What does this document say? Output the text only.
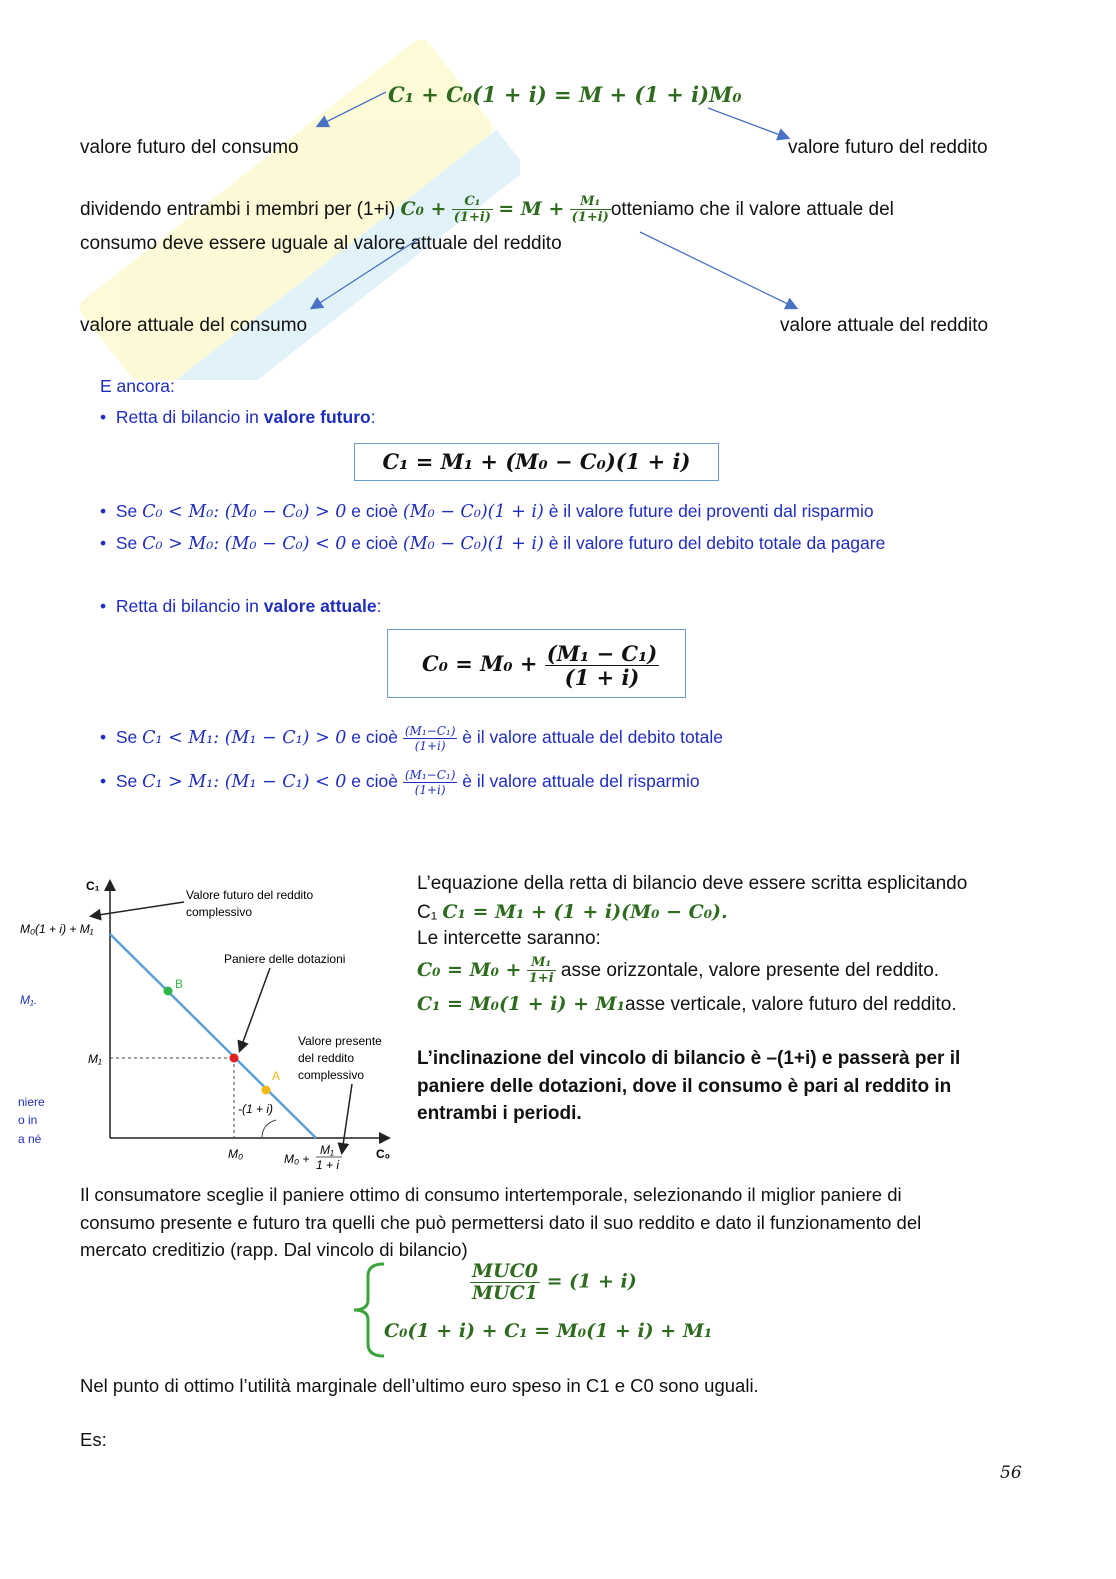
C₁ + C₀(1 + i) = M + (1 + i)M₀
valore futuro del consumo	valore futuro del reddito
dividendo entrambi i membri per (1+i) $C_0 + \frac{\text{C₁}}{(1+i)} = M + \frac{\text{M₁}}{(1+i)}$ otteniamo che il valore attuale del
consumo deve essere uguale al valore attuale del reddito
valore attuale del consumo	valore attuale del reddito
E ancora:
•  Retta di bilancio in valore futuro:
C₁ = M₁ + (M₀ − C₀)(1 + i)
•  Se C₀ < M₀: (M₀ − C₀) > 0 e cioè (M₀ − C₀)(1 + i) è il valore future dei proventi dal risparmio
•  Se C₀ > M₀: (M₀ − C₀) < 0 e cioè (M₀ − C₀)(1 + i) è il valore futuro del debito totale da pagare
•  Retta di bilancio in valore attuale:
$C_0 = M_0 + \frac{\text{(M₁ − C₁)}}{(1 + i)}$
•  Se C₁ < M₁: (M₁ − C₁) > 0 e cioè $\frac{\text{(M₁−C₁)}}{(1+i)}$ è il valore attuale del debito totale
•  Se C₁ > M₁: (M₁ − C₁) < 0 e cioè $\frac{\text{(M₁−C₁)}}{(1+i)}$ è il valore attuale del risparmio
C₁
C₀
Valore futuro del reddito
complessivo
M₀(1 + i) + M₁
Paniere delle dotazioni
Valore presente
del reddito
complessivo
M₁
M₀
-(1 + i)
M₀ +
M₁
1 + i
B
A
M₁.
niere
o in
a né
L’equazione della retta di bilancio deve essere scritta esplicitando
C₁ C₁ = M₁ + (1 + i)(M₀ − C₀).
Le intercette saranno:
$C_0 = M_0 + \frac{\text{M₁}}{1+i}$ asse orizzontale, valore presente del reddito.
C₁ = M₀(1 + i) + M₁asse verticale, valore futuro del reddito.
L’inclinazione del vincolo di bilancio è –(1+i) e passerà per il
paniere delle dotazioni, dove il consumo è pari al reddito in
entrambi i periodi.
Il consumatore sceglie il paniere ottimo di consumo intertemporale, selezionando il miglior paniere di
consumo presente e futuro tra quelli che può permettersi dato il suo reddito e dato il funzionamento del
mercato creditizio (rapp. Dal vincolo di bilancio)
$\frac{\text{MUC0}}{\text{MUC1}} = (1 + i)$
C₀(1 + i) + C₁ = M₀(1 + i) + M₁
Nel punto di ottimo l’utilità marginale dell’ultimo euro speso in C1 e C0 sono uguali.
Es:
56
